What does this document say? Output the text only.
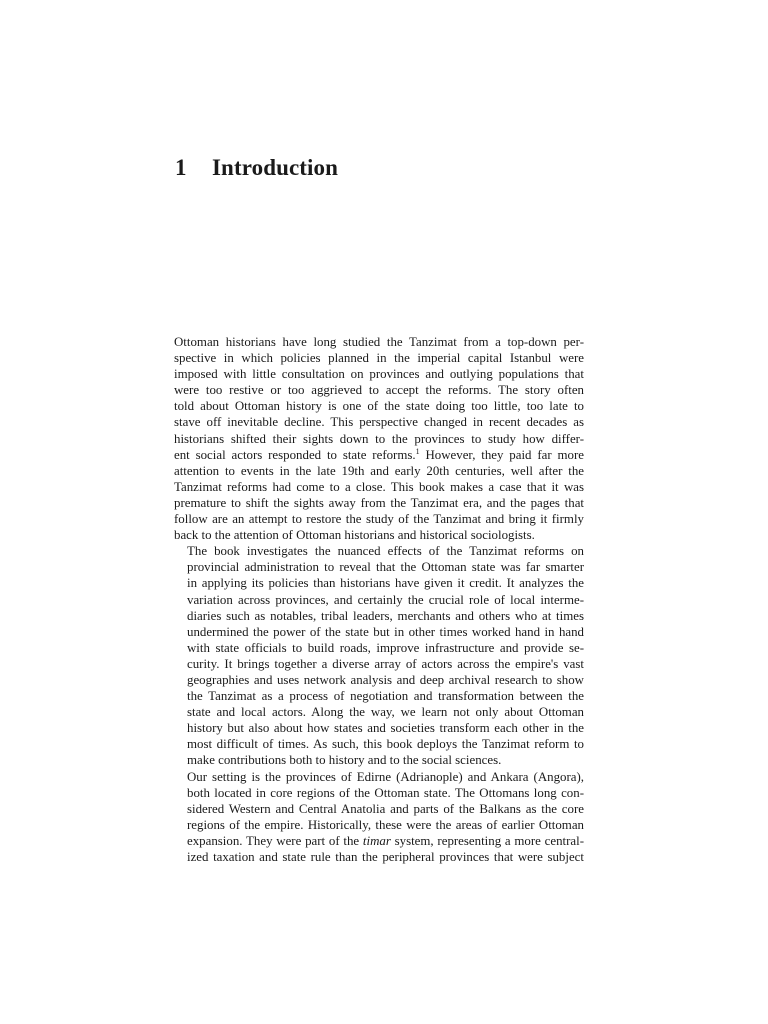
1 Introduction

Ottoman historians have long studied the Tanzimat from a top-down per-
spective in which policies planned in the imperial capital Istanbul were
imposed with little consultation on provinces and outlying populations that
were too restive or too aggrieved to accept the reforms. The story often
told about Ottoman history is one of the state doing too little, too late to
stave off inevitable decline. This perspective changed in recent decades as
historians shifted their sights down to the provinces to study how differ-
ent social actors responded to state reforms.$^1$ However, they paid far more
attention to events in the late 19th and early 20th centuries, well after the
Tanzimat reforms had come to a close. This book makes a case that it was
premature to shift the sights away from the Tanzimat era, and the pages that
follow are an attempt to restore the study of the Tanzimat and bring it firmly
back to the attention of Ottoman historians and historical sociologists.

The book investigates the nuanced effects of the Tanzimat reforms on
provincial administration to reveal that the Ottoman state was far smarter
in applying its policies than historians have given it credit. It analyzes the
variation across provinces, and certainly the crucial role of local interme-
diaries such as notables, tribal leaders, merchants and others who at times
undermined the power of the state but in other times worked hand in hand
with state officials to build roads, improve infrastructure and provide se-
curity. It brings together a diverse array of actors across the empire's vast
geographies and uses network analysis and deep archival research to show
the Tanzimat as a process of negotiation and transformation between the
state and local actors. Along the way, we learn not only about Ottoman
history but also about how states and societies transform each other in the
most difficult of times. As such, this book deploys the Tanzimat reform to
make contributions both to history and to the social sciences.

Our setting is the provinces of Edirne (Adrianople) and Ankara (Angora),
both located in core regions of the Ottoman state. The Ottomans long con-
sidered Western and Central Anatolia and parts of the Balkans as the core
regions of the empire. Historically, these were the areas of earlier Ottoman
expansion. They were part of the timar system, representing a more central-
ized taxation and state rule than the peripheral provinces that were subject
